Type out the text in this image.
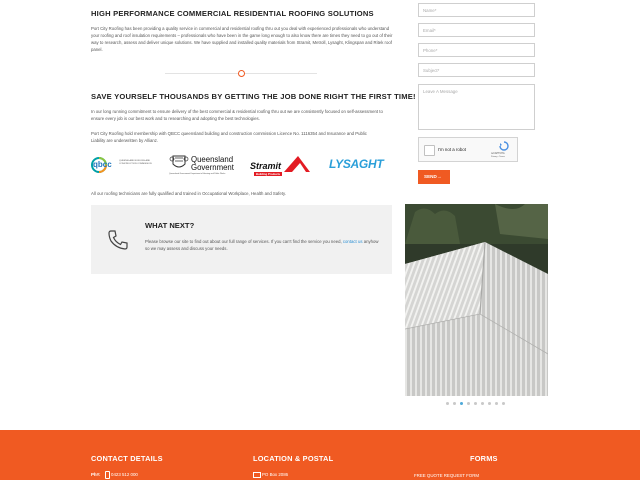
HIGH PERFORMANCE COMMERCIAL RESIDENTIAL ROOFING SOLUTIONS

Port City Roofing has been providing a quality service in commercial and residential roofing thru out you deal with experienced professionals who understand your roofing and roof insulation requirements – professionals who have been in the game long enough to also know there are times they need to go out of their way to research, assess and deliver unique solutions. We have supplied and installed quality materials from Stramit, Metroll, Lysaght, Klingspan and Ritek roof panel.

SAVE YOURSELF THOUSANDS BY GETTING THE JOB DONE RIGHT THE FIRST TIME!

In our long running commitment to ensure delivery of the best commercial & residential roofing thru out we are consistently focused on self-assessment to ensure every job is our best work and to researching and adopting the best technologies.

Port City Roofing hold membership with QBCC queensland building and construction commission Licence No. 1116354 and Insurance and Public Liability are underwritten by Allianz.

qbcc	QUEENSLAND BUILDING AND CONSTRUCTION COMMISSION	Queensland
Government
Queensland Government Department of Housing and Public Works
Stramit
Building Products
LYSAGHT

All our roofing technicians are fully qualified and trained in Occupational Workplace, Health and Safety.

WHAT NEXT?

Please browse our site to find out about our full range of services. If you can't find the service you need, contact us anyhow so we may assess and discuss your needs.

Name*
Email*
Phone*
Subject*
Leave A Message
I'm not a robot
reCAPTCHA
Privacy - Terms
SEND →
CONTACT DETAILS
Ph#: 0423 512 000
LOCATION & POSTAL
PO Box 2086
FORMS
FREE QUOTE REQUEST FORM
